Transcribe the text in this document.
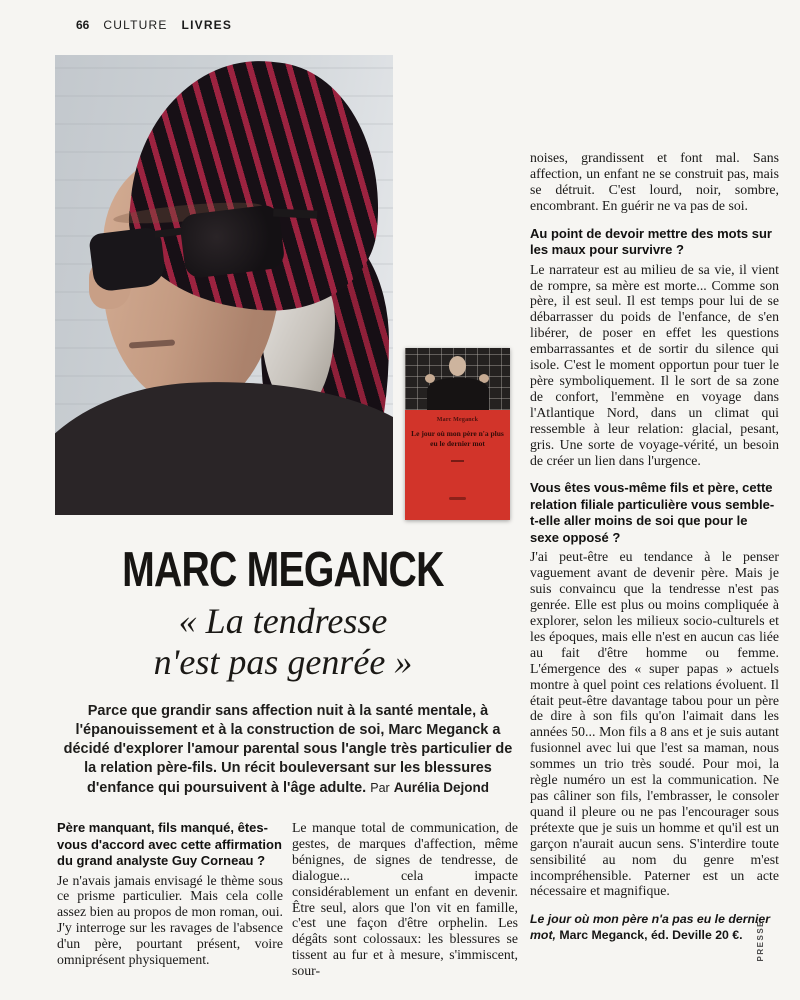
66 CULTURE LIVRES
Marc Meganck
Le jour où mon père n'a plus eu le dernier mot
MARC MEGANCK
« La tendresse
n'est pas genrée »
Parce que grandir sans affection nuit à la santé mentale, à l'épanouissement et à la construction de soi, Marc Meganck a décidé d'explorer l'amour parental sous l'angle très particulier de la relation père-fils. Un récit bouleversant sur les blessures d'enfance qui poursuivent à l'âge adulte. Par Aurélia Dejond

Père manquant, fils manqué, êtes-vous d'accord avec cette affirmation du grand analyste Guy Corneau ?

Je n'avais jamais envisagé le thème sous ce prisme particulier. Mais cela colle assez bien au propos de mon roman, oui. J'y interroge sur les ravages de l'absence d'un père, pourtant présent, voire omniprésent physiquement.

Le manque total de communication, de gestes, de marques d'affection, même bénignes, de signes de tendresse, de dialogue... cela impacte considérablement un enfant en devenir. Être seul, alors que l'on vit en famille, c'est une façon d'être orphelin. Les dégâts sont colossaux: les blessures se tissent au fur et à mesure, s'immiscent, sour-

noises, grandissent et font mal. Sans affection, un enfant ne se construit pas, mais se détruit. C'est lourd, noir, sombre, encombrant. En guérir ne va pas de soi.

Au point de devoir mettre des mots sur les maux pour survivre ?

Le narrateur est au milieu de sa vie, il vient de rompre, sa mère est morte... Comme son père, il est seul. Il est temps pour lui de se débarrasser du poids de l'enfance, de s'en libérer, de poser en effet les questions embarrassantes et de sortir du silence qui isole. C'est le moment opportun pour tuer le père symboliquement. Il le sort de sa zone de confort, l'emmène en voyage dans l'Atlantique Nord, dans un climat qui ressemble à leur relation: glacial, pesant, gris. Une sorte de voyage-vérité, un besoin de créer un lien dans l'urgence.

Vous êtes vous-même fils et père, cette relation filiale particulière vous semble-t-elle aller moins de soi que pour le sexe opposé ?

J'ai peut-être eu tendance à le penser vaguement avant de devenir père. Mais je suis convaincu que la tendresse n'est pas genrée. Elle est plus ou moins compliquée à explorer, selon les milieux socio-culturels et les époques, mais elle n'est en aucun cas liée au fait d'être homme ou femme. L'émergence des « super papas » actuels montre à quel point ces relations évoluent. Il était peut-être davantage tabou pour un père de dire à son fils qu'on l'aimait dans les années 50... Mon fils a 8 ans et je suis autant fusionnel avec lui que l'est sa maman, nous sommes un trio très soudé. Pour moi, la règle numéro un est la communication. Ne pas câliner son fils, l'embrasser, le consoler quand il pleure ou ne pas l'encourager sous prétexte que je suis un homme et qu'il est un garçon n'aurait aucun sens. S'interdire toute sensibilité au nom du genre m'est incompréhensible. Paterner est un acte nécessaire et magnifique.

Le jour où mon père n'a pas eu le dernier mot, Marc Meganck, éd. Deville 20 €.	PRESSE
